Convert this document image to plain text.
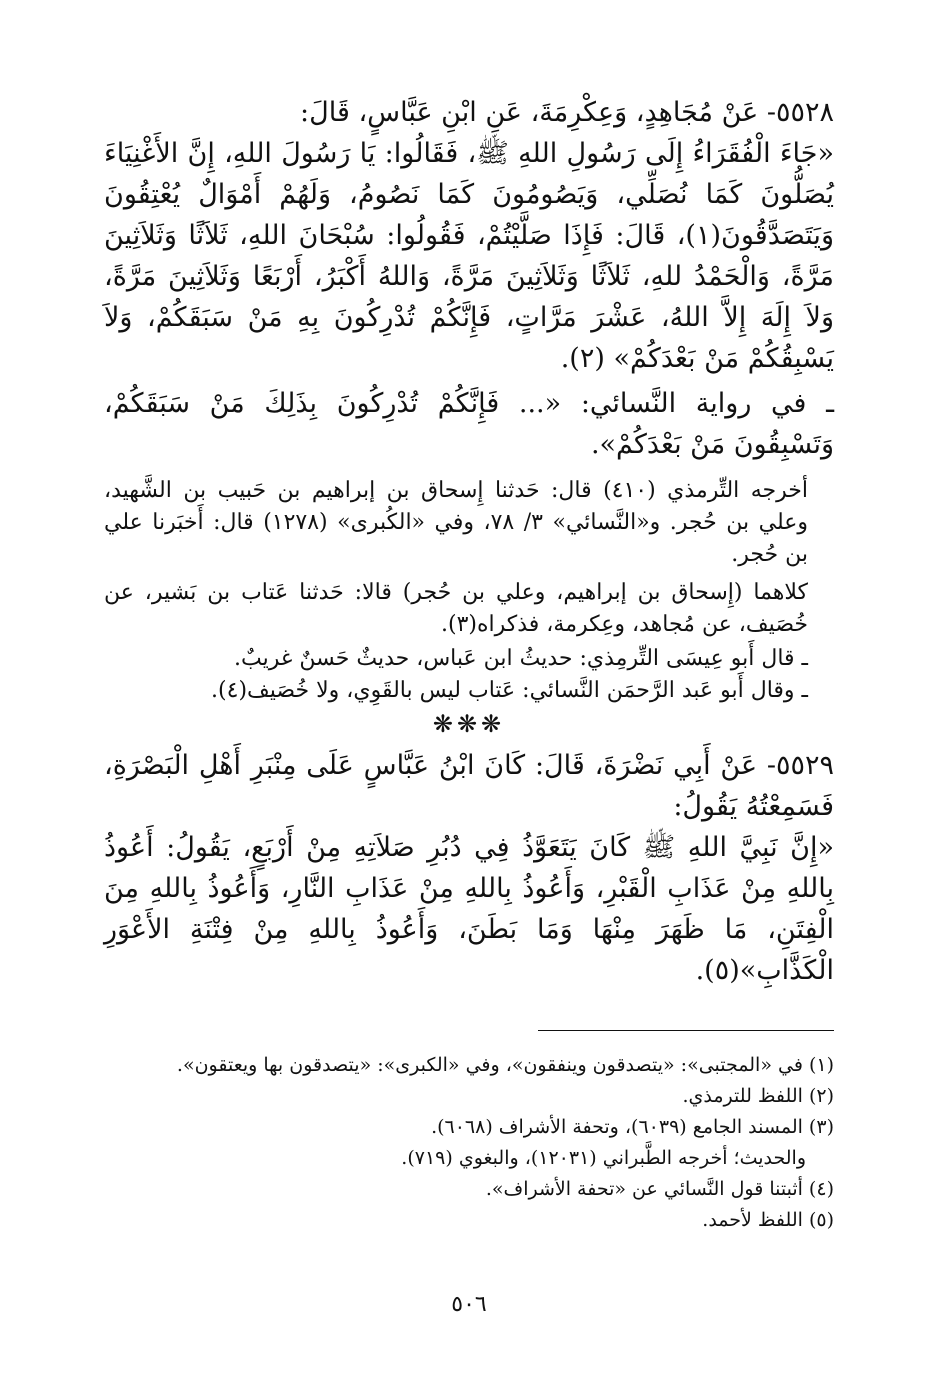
٥٥٢٨- عَنْ مُجَاهِدٍ، وَعِكْرِمَةَ، عَنِ ابْنِ عَبَّاسٍ، قَالَ:

«جَاءَ الْفُقَرَاءُ إِلَى رَسُولِ اللهِ ﷺ، فَقَالُوا: يَا رَسُولَ اللهِ، إِنَّ الأَغْنِيَاءَ يُصَلُّونَ كَمَا نُصَلِّي، وَيَصُومُونَ كَمَا نَصُومُ، وَلَهُمْ أَمْوَالٌ يُعْتِقُونَ وَيَتَصَدَّقُونَ(١)، قَالَ: فَإِذَا صَلَّيْتُمْ، فَقُولُوا: سُبْحَانَ اللهِ، ثَلاَثًا وَثَلاَثِينَ مَرَّةً، وَالْحَمْدُ للهِ، ثَلاَثًا وَثَلاَثِينَ مَرَّةً، وَاللهُ أَكْبَرُ، أَرْبَعًا وَثَلاَثِينَ مَرَّةً، وَلاَ إِلَهَ إِلاَّ اللهُ، عَشْرَ مَرَّاتٍ، فَإِنَّكُمْ تُدْرِكُونَ بِهِ مَنْ سَبَقَكُمْ، وَلاَ يَسْبِقُكُمْ مَنْ بَعْدَكُمْ» (٢).

ـ في رواية النَّسائي: «... فَإِنَّكُمْ تُدْرِكُونَ بِذَلِكَ مَنْ سَبَقَكُمْ، وَتَسْبِقُونَ مَنْ بَعْدَكُمْ».

أخرجه التِّرمذي (٤١٠) قال: حَدثنا إِسحاق بن إبراهيم بن حَبيب بن الشَّهيد، وعلي بن حُجر. و«النَّسائي» ٣/ ٧٨، وفي «الكُبرى» (١٢٧٨) قال: أَخبَرنا علي بن حُجر.

كلاهما (إِسحاق بن إبراهيم، وعلي بن حُجر) قالا: حَدثنا عَتاب بن بَشير، عن خُصَيف، عن مُجاهد، وعِكرمة، فذكراه(٣).

ـ قال أَبو عِيسَى التِّرمِذي: حديثُ ابن عَباس، حديثٌ حَسنٌ غريبٌ.

ـ وقال أَبو عَبد الرَّحمَن النَّسائي: عَتاب ليس بالقَوِي، ولا خُصَيف(٤).

❋❋❋

٥٥٢٩- عَنْ أَبِي نَضْرَةَ، قَالَ: كَانَ ابْنُ عَبَّاسٍ عَلَى مِنْبَرِ أَهْلِ الْبَصْرَةِ، فَسَمِعْتُهُ يَقُولُ:

«إِنَّ نَبِيَّ اللهِ ﷺ كَانَ يَتَعَوَّذُ فِي دُبُرِ صَلاَتِهِ مِنْ أَرْبَعٍ، يَقُولُ: أَعُوذُ بِاللهِ مِنْ عَذَابِ الْقَبْرِ، وَأَعُوذُ بِاللهِ مِنْ عَذَابِ النَّارِ، وَأَعُوذُ بِاللهِ مِنَ الْفِتَنِ، مَا ظَهَرَ مِنْهَا وَمَا بَطَنَ، وَأَعُوذُ بِاللهِ مِنْ فِتْنَةِ الأَعْوَرِ الْكَذَّابِ»(٥).

(١) في «المجتبى»: «يتصدقون وينفقون»، وفي «الكبرى»: «يتصدقون بها ويعتقون».

(٢) اللفظ للترمذي.

(٣) المسند الجامع (٦٠٣٩)، وتحفة الأشراف (٦٠٦٨).

والحديث؛ أخرجه الطَّبراني (١٢٠٣١)، والبغوي (٧١٩).

(٤) أثبتنا قول النَّسائي عن «تحفة الأشراف».

(٥) اللفظ لأحمد.

٥٠٦
